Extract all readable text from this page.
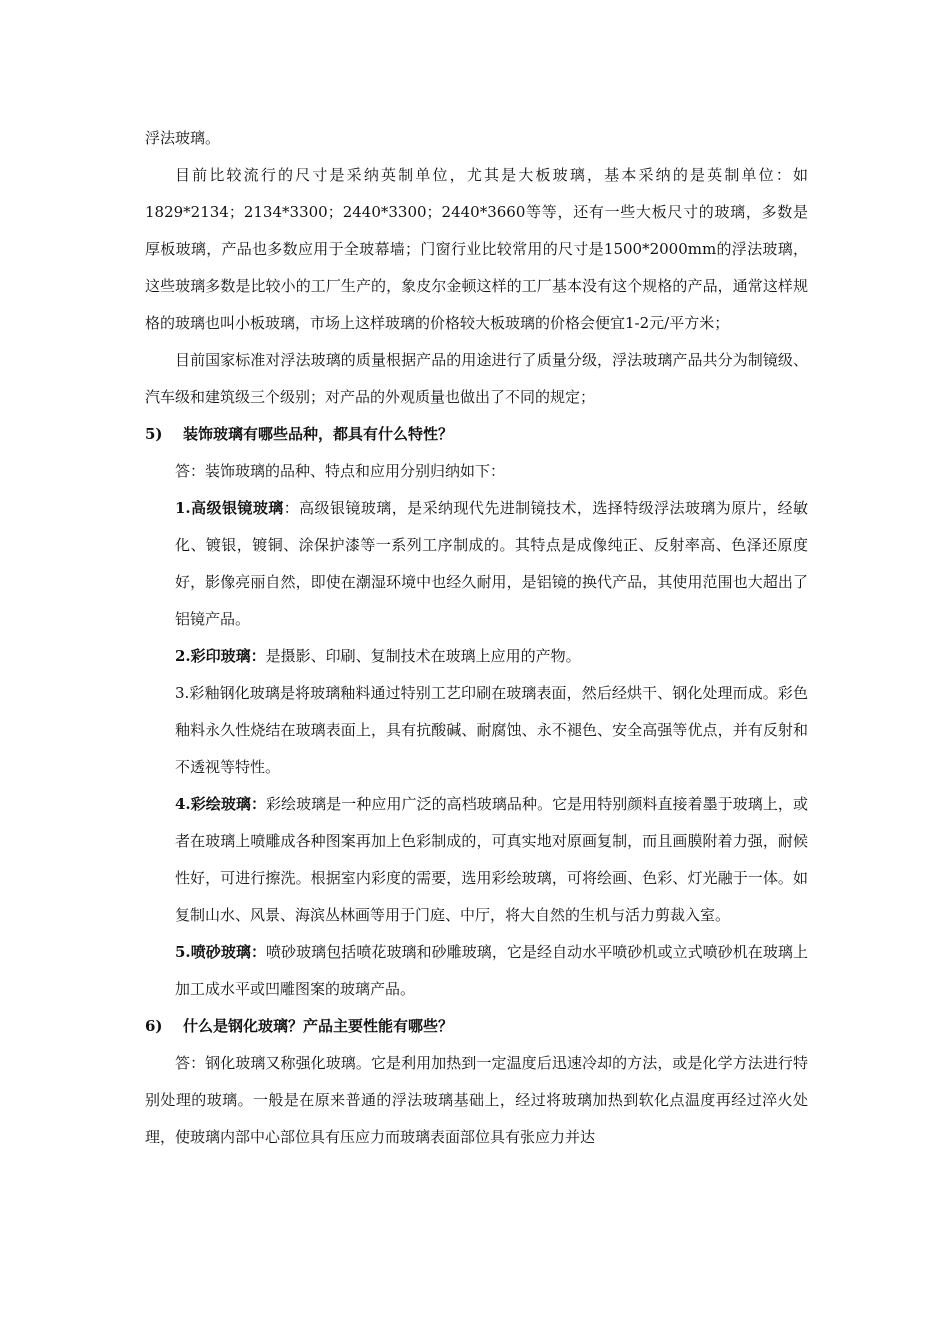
浮法玻璃。

目前比较流行的尺寸是采纳英制单位，尤其是大板玻璃，基本采纳的是英制单位：如1829*2134；2134*3300；2440*3300；2440*3660等等，还有一些大板尺寸的玻璃，多数是厚板玻璃，产品也多数应用于全玻幕墙；门窗行业比较常用的尺寸是1500*2000mm的浮法玻璃，这些玻璃多数是比较小的工厂生产的，象皮尔金顿这样的工厂基本没有这个规格的产品，通常这样规格的玻璃也叫小板玻璃，市场上这样玻璃的价格较大板玻璃的价格会便宜1-2元/平方米；

目前国家标准对浮法玻璃的质量根据产品的用途进行了质量分级，浮法玻璃产品共分为制镜级、汽车级和建筑级三个级别；对产品的外观质量也做出了不同的规定；

5)	装饰玻璃有哪些品种，都具有什么特性？

答：装饰玻璃的品种、特点和应用分别归纳如下：

1.高级银镜玻璃：高级银镜玻璃，是采纳现代先进制镜技术，选择特级浮法玻璃为原片，经敏化、镀银，镀铜、涂保护漆等一系列工序制成的。其特点是成像纯正、反射率高、色泽还原度好，影像亮丽自然，即使在潮湿环境中也经久耐用，是铝镜的换代产品，其使用范围也大超出了铝镜产品。

2.彩印玻璃：是摄影、印刷、复制技术在玻璃上应用的产物。

3.彩釉钢化玻璃是将玻璃釉料通过特别工艺印刷在玻璃表面，然后经烘干、钢化处理而成。彩色釉料永久性烧结在玻璃表面上，具有抗酸碱、耐腐蚀、永不褪色、安全高强等优点，并有反射和不透视等特性。

4.彩绘玻璃：彩绘玻璃是一种应用广泛的高档玻璃品种。它是用特别颜料直接着墨于玻璃上，或者在玻璃上喷雕成各种图案再加上色彩制成的，可真实地对原画复制，而且画膜附着力强，耐候性好，可进行擦洗。根据室内彩度的需要，选用彩绘玻璃，可将绘画、色彩、灯光融于一体。如复制山水、风景、海滨丛林画等用于门庭、中厅，将大自然的生机与活力剪裁入室。

5.喷砂玻璃：喷砂玻璃包括喷花玻璃和砂雕玻璃，它是经自动水平喷砂机或立式喷砂机在玻璃上加工成水平或凹雕图案的玻璃产品。

6)	什么是钢化玻璃？产品主要性能有哪些？

答：钢化玻璃又称强化玻璃。它是利用加热到一定温度后迅速冷却的方法，或是化学方法进行特别处理的玻璃。一般是在原来普通的浮法玻璃基础上，经过将玻璃加热到软化点温度再经过淬火处理，使玻璃内部中心部位具有压应力而玻璃表面部位具有张应力并达
